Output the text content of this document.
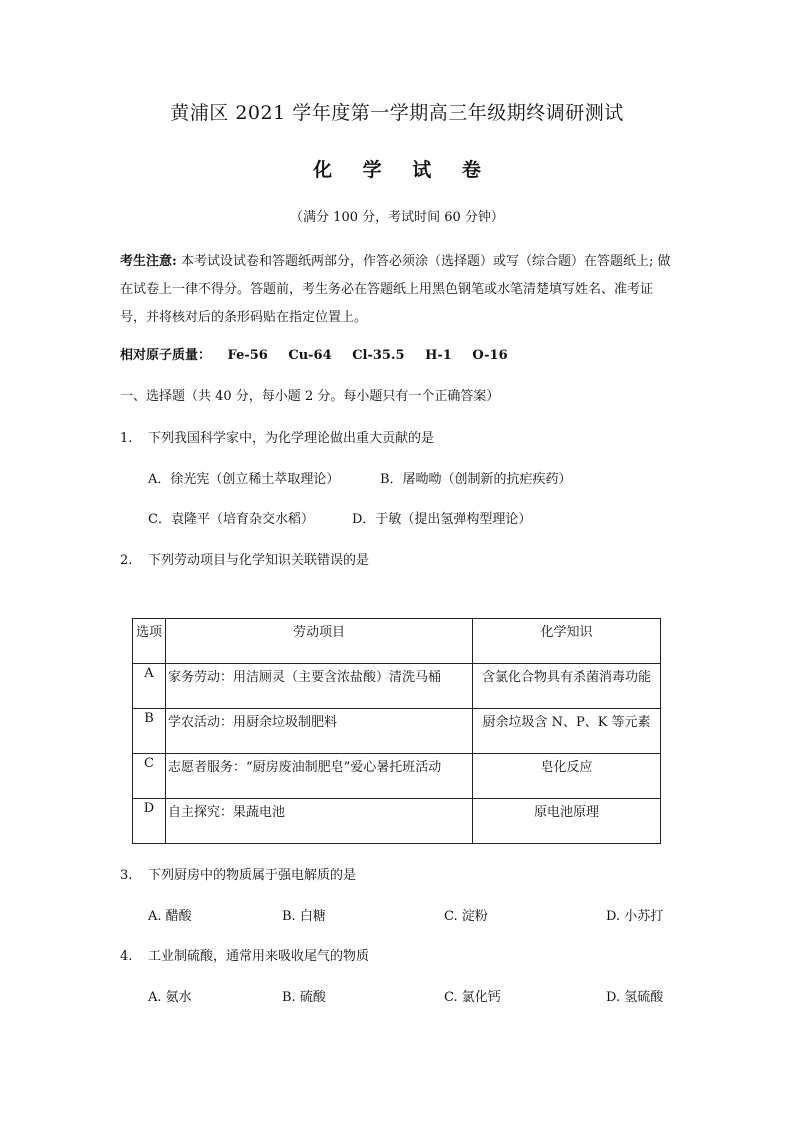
黄浦区 2021 学年度第一学期高三年级期终调研测试
化 学 试 卷
（满分 100 分，考试时间 60 分钟）
考生注意: 本考试设试卷和答题纸两部分，作答必须涂（选择题）或写（综合题）在答题纸上; 做在试卷上一律不得分。答题前，考生务必在答题纸上用黑色钢笔或水笔清楚填写姓名、准考证号，并将核对后的条形码贴在指定位置上。
相对原子质量： Fe-56 Cu-64 Cl-35.5 H-1 O-16
一、选择题（共 40 分，每小题 2 分。每小题只有一个正确答案）
1. 下列我国科学家中，为化学理论做出重大贡献的是
A．徐光宪（创立稀土萃取理论）	B．屠呦呦（创制新的抗疟疾药）
C．袁隆平（培育杂交水稻）	D．于敏（提出氢弹构型理论）
2. 下列劳动项目与化学知识关联错误的是
选项	劳动项目	化学知识
A	家务劳动：用洁厕灵（主要含浓盐酸）清洗马桶	含氯化合物具有杀菌消毒功能
B	学农活动：用厨余垃圾制肥料	厨余垃圾含 N、P、K 等元素
C	志愿者服务：“厨房废油制肥皂”爱心暑托班活动	皂化反应
D	自主探究：果蔬电池	原电池原理
3. 下列厨房中的物质属于强电解质的是
A. 醋酸	B. 白糖	C. 淀粉	D. 小苏打
4. 工业制硫酸，通常用来吸收尾气的物质
A. 氨水	B. 硫酸	C. 氯化钙	D. 氢硫酸
